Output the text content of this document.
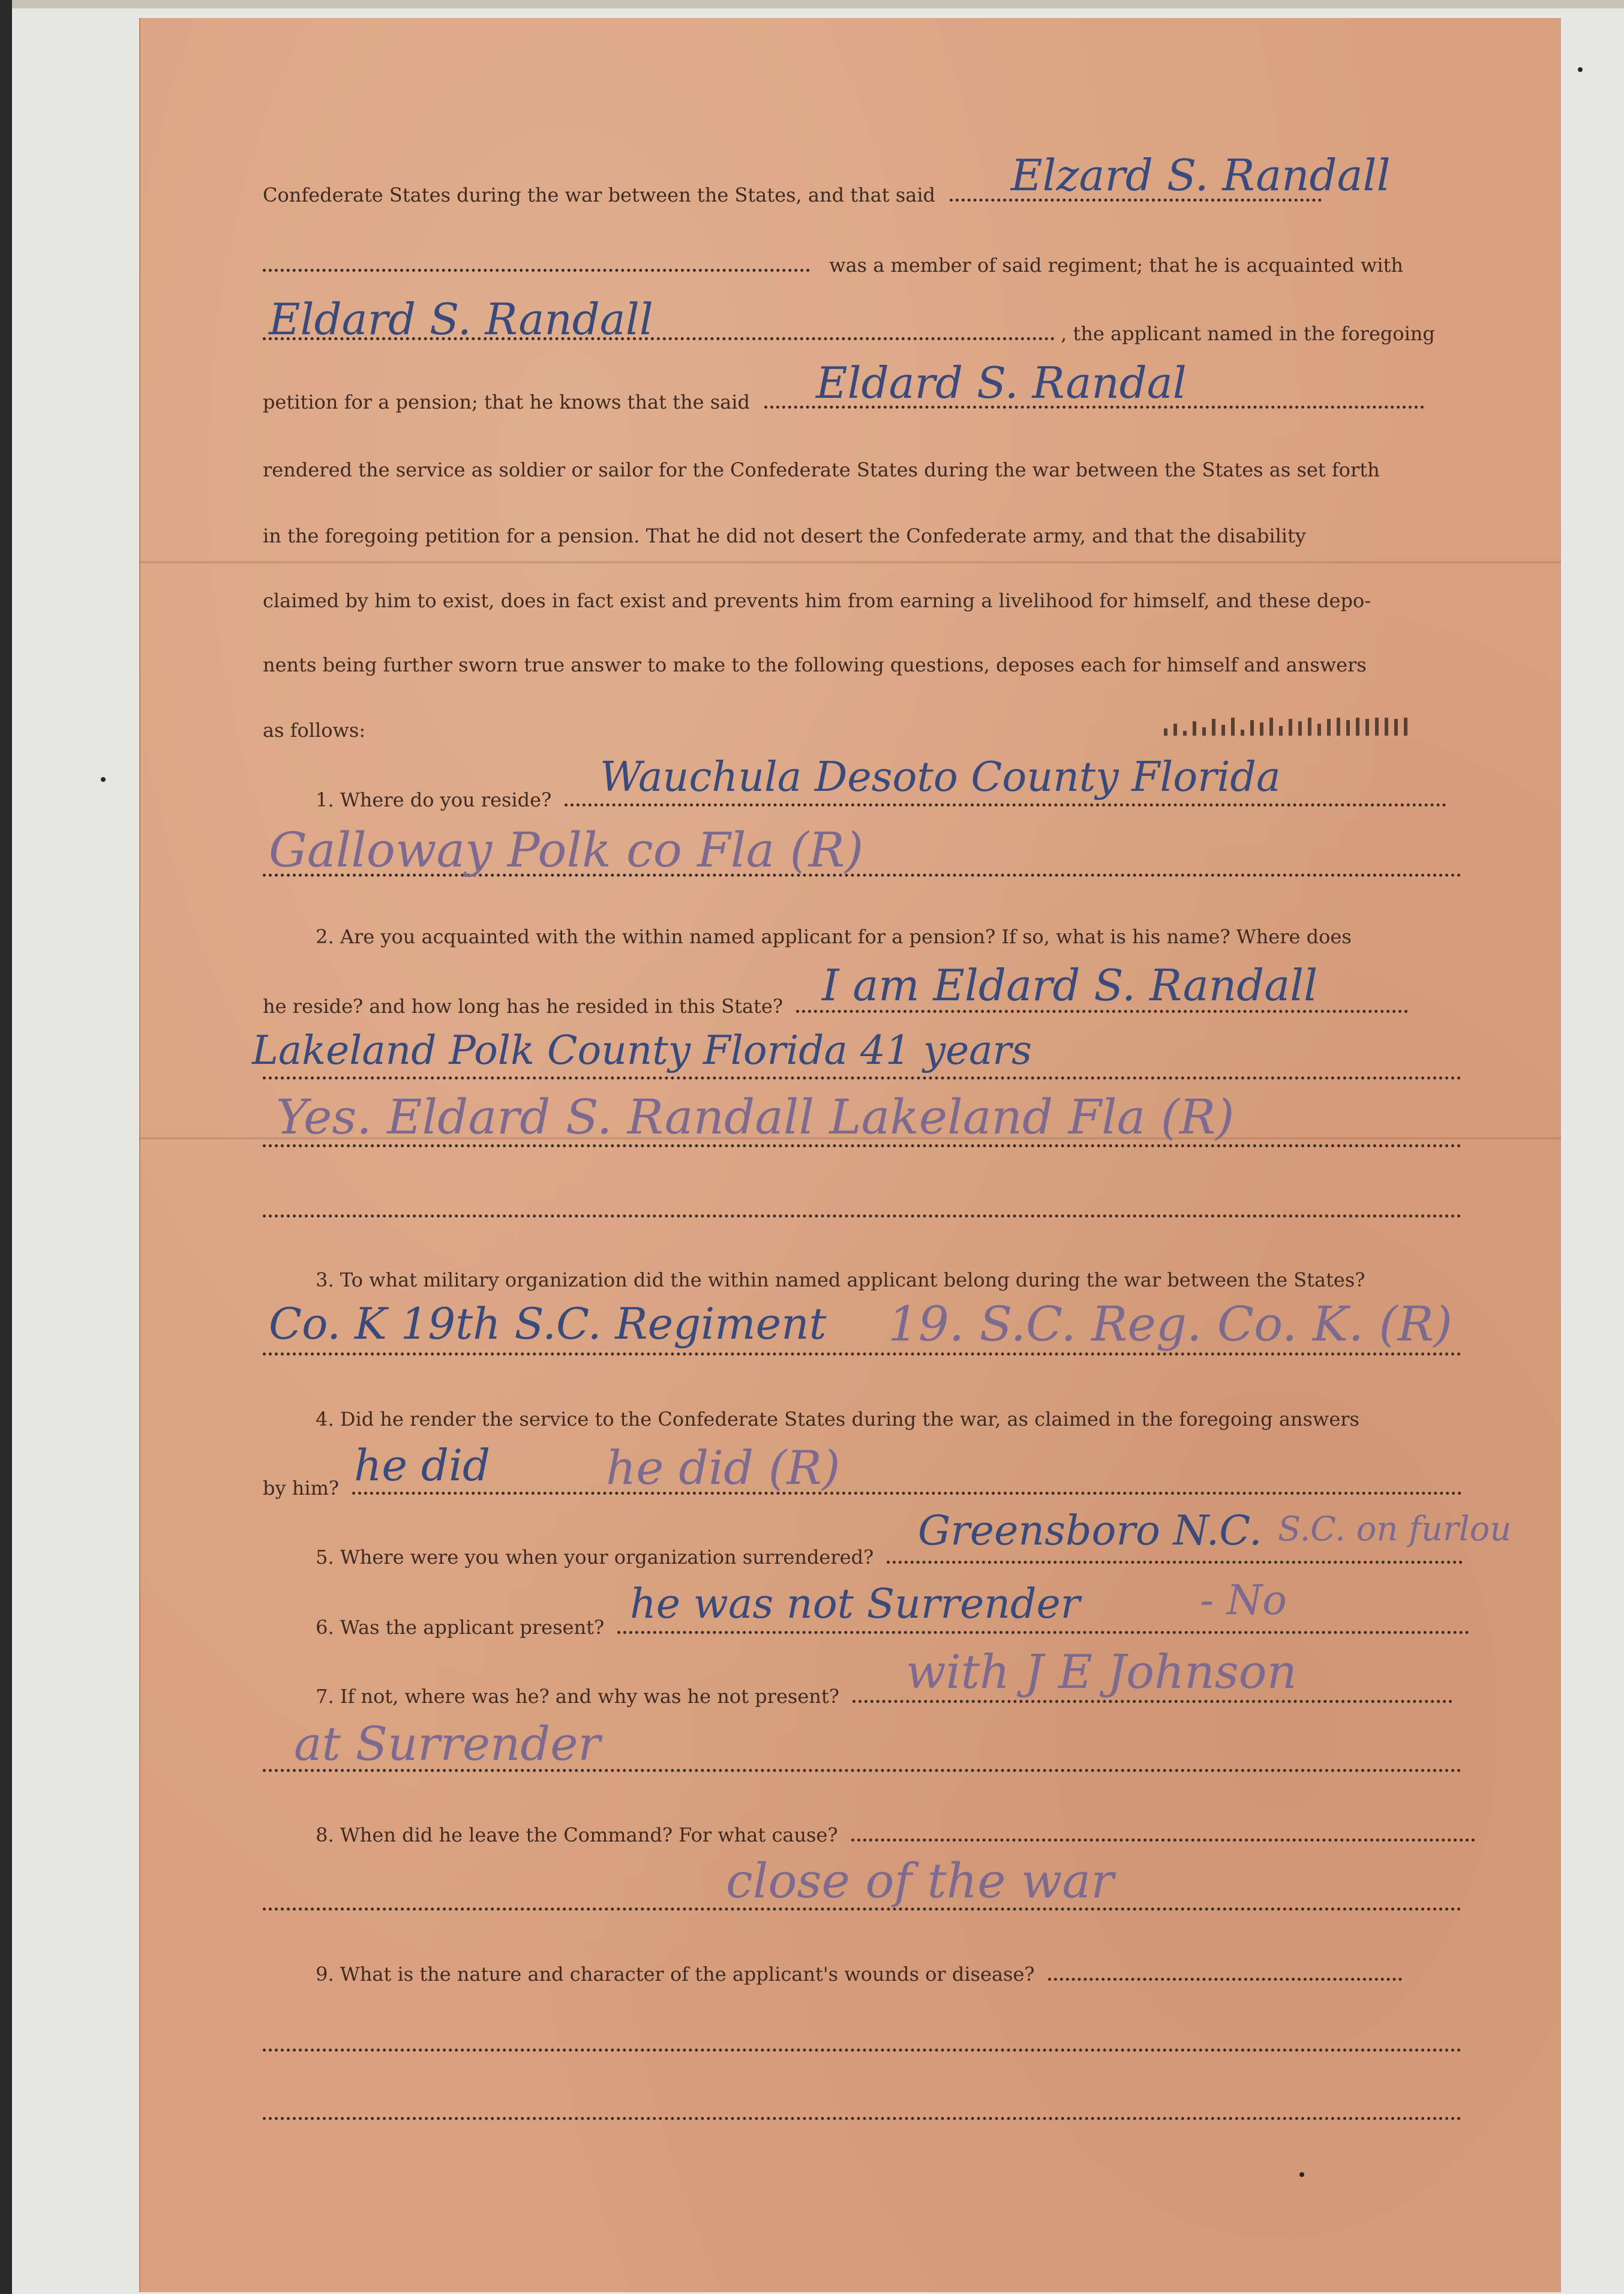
Confederate States during the war between the States, and that said	Elzard S. Randall
was a member of said regiment; that he is acquainted with
, the applicant named in the foregoing
Eldard S. Randall
petition for a pension; that he knows that the said	Eldard S. Randal
rendered the service as soldier or sailor for the Confederate States during the war between the States as set forth
in the foregoing petition for a pension. That he did not desert the Confederate army, and that the disability
claimed by him to exist, does in fact exist and prevents him from earning a livelihood for himself, and these depo-
nents being further sworn true answer to make to the following questions, deposes each for himself and answers
as follows:
1. Where do you reside?	Wauchula Desoto County Florida
Galloway Polk co Fla (R)
2. Are you acquainted with the within named applicant for a pension? If so, what is his name? Where does
he reside? and how long has he resided in this State? I am Eldard S. Randall
Lakeland Polk County Florida 41 years
Yes. Eldard S. Randall Lakeland Fla (R)
3. To what military organization did the within named applicant belong during the war between the States?
Co. K 19th S.C. Regiment 19. S.C. Reg. Co. K. (R)
4. Did he render the service to the Confederate States during the war, as claimed in the foregoing answers
by him? he did he did (R)
5. Where were you when your organization surrendered?
Greensboro N.C. S.C. on furlou
6. Was the applicant present? he was not Surrender	- No
7. If not, where was he? and why was he not present?	with J E Johnson
at Surrender
8. When did he leave the Command? For what cause?
close of the war
9. What is the nature and character of the applicant's wounds or disease?
